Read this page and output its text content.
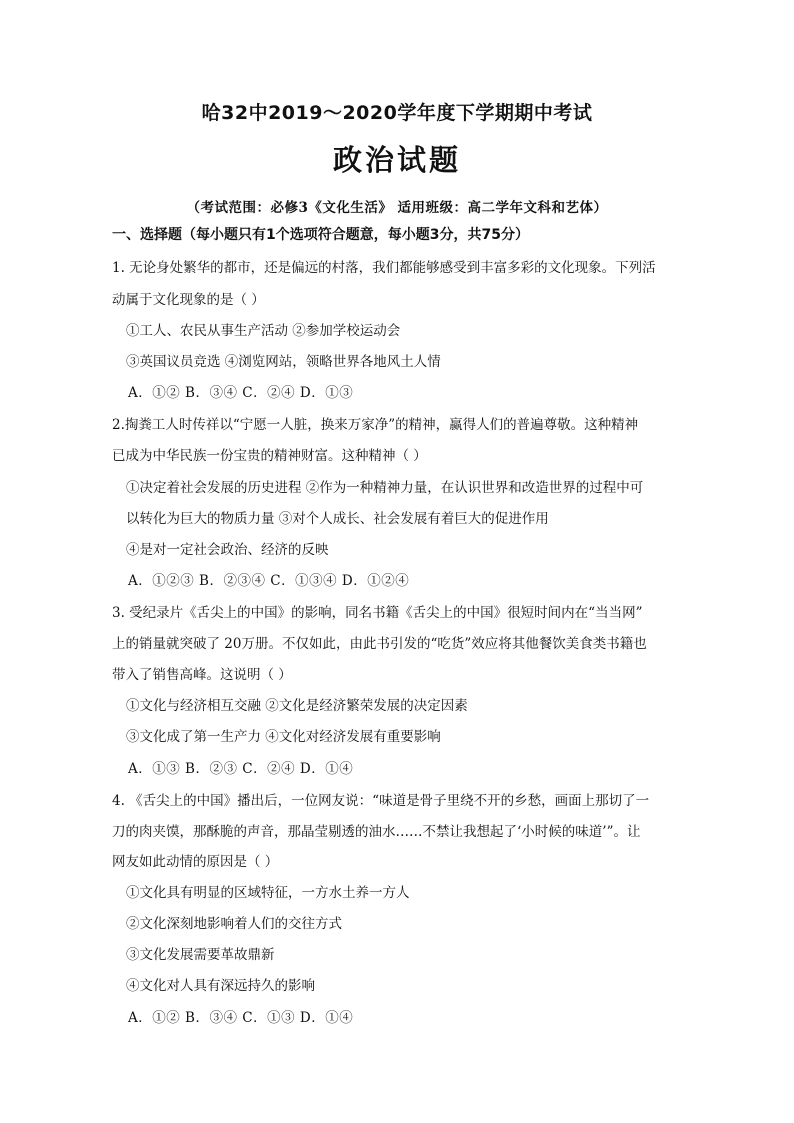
哈32中2019～2020学年度下学期期中考试
政治试题
（考试范围：必修3《文化生活》 适用班级：高二学年文科和艺体）
一、选择题（每小题只有1个选项符合题意，每小题3分，共75分）
1. 无论身处繁华的都市，还是偏远的村落，我们都能够感受到丰富多彩的文化现象。下列活
动属于文化现象的是（ ）
①工人、农民从事生产活动 ②参加学校运动会
③英国议员竞选 ④浏览网站，领略世界各地风土人情
A．①② B．③④ C．②④ D．①③
2.掏粪工人时传祥以“宁愿一人脏，换来万家净”的精神，赢得人们的普遍尊敬。这种精神
已成为中华民族一份宝贵的精神财富。这种精神（ ）
①决定着社会发展的历史进程 ②作为一种精神力量，在认识世界和改造世界的过程中可
以转化为巨大的物质力量 ③对个人成长、社会发展有着巨大的促进作用
④是对一定社会政治、经济的反映
A．①②③ B．②③④ C．①③④ D．①②④
3. 受纪录片《舌尖上的中国》的影响，同名书籍《舌尖上的中国》很短时间内在“当当网”
上的销量就突破了 20万册。不仅如此，由此书引发的“吃货”效应将其他餐饮美食类书籍也
带入了销售高峰。这说明（ ）
①文化与经济相互交融 ②文化是经济繁荣发展的决定因素
③文化成了第一生产力 ④文化对经济发展有重要影响
A．①③ B．②③ C．②④ D．①④
4. 《舌尖上的中国》播出后，一位网友说：“味道是骨子里绕不开的乡愁，画面上那切了一
刀的肉夹馍，那酥脆的声音，那晶莹剔透的油水……不禁让我想起了‘小时候的味道’”。让
网友如此动情的原因是（ ）
①文化具有明显的区域特征，一方水土养一方人
②文化深刻地影响着人们的交往方式
③文化发展需要革故鼎新
④文化对人具有深远持久的影响
A．①② B．③④ C．①③ D．①④
